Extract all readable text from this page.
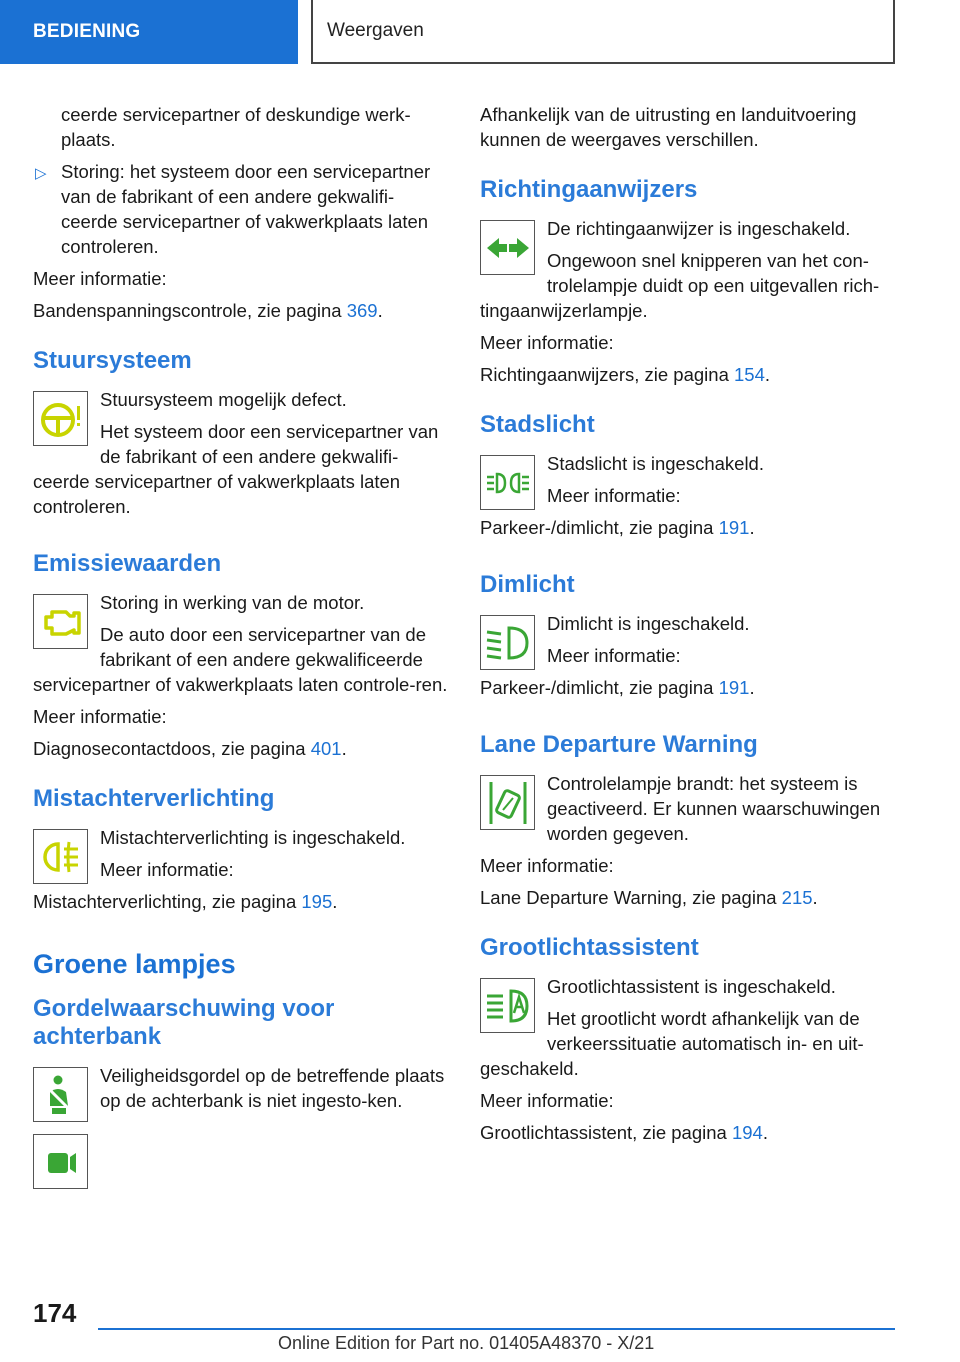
BEDIENING	Weergaven

ceerde servicepartner of deskundige werk-plaats.

▷ Storing: het systeem door een servicepartner van de fabrikant of een andere gekwalifi-ceerde servicepartner of vakwerkplaats laten controleren.

Meer informatie:

Bandenspanningscontrole, zie pagina 369.

Stuursysteem

Stuursysteem mogelijk defect.

Het systeem door een servicepartner van de fabrikant of een andere gekwalifi-ceerde servicepartner of vakwerkplaats laten controleren.

Emissiewaarden

Storing in werking van de motor.

De auto door een servicepartner van de fabrikant of een andere gekwalificeerde servicepartner of vakwerkplaats laten controle-ren.

Meer informatie:

Diagnosecontactdoos, zie pagina 401.

Mistachterverlichting

Mistachterverlichting is ingeschakeld.

Meer informatie:

Mistachterverlichting, zie pagina 195.

Groene lampjes
Gordelwaarschuwing voor achterbank

Veiligheidsgordel op de betreffende plaats op de achterbank is niet ingesto-ken.

Afhankelijk van de uitrusting en landuitvoering kunnen de weergaves verschillen.

Richtingaanwijzers

De richtingaanwijzer is ingeschakeld.

Ongewoon snel knipperen van het con-trolelampje duidt op een uitgevallen rich-tingaanwijzerlampje.

Meer informatie:

Richtingaanwijzers, zie pagina 154.

Stadslicht

Stadslicht is ingeschakeld.

Meer informatie:

Parkeer-/dimlicht, zie pagina 191.

Dimlicht

Dimlicht is ingeschakeld.

Meer informatie:

Parkeer-/dimlicht, zie pagina 191.

Lane Departure Warning

Controlelampje brandt: het systeem is geactiveerd. Er kunnen waarschuwingen worden gegeven.

Meer informatie:

Lane Departure Warning, zie pagina 215.

Grootlichtassistent

Grootlichtassistent is ingeschakeld.

Het grootlicht wordt afhankelijk van de verkeerssituatie automatisch in- en uit-geschakeld.

Meer informatie:

Grootlichtassistent, zie pagina 194.

174
Online Edition for Part no. 01405A48370 - X/21
